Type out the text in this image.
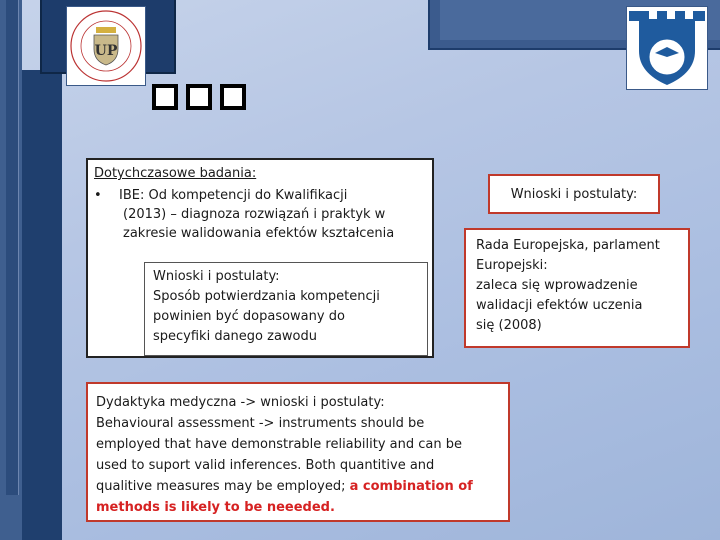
UP
2000
Dotychczasowe badania:
• IBE: Od kompetencji do Kwalifikacji
(2013) – diagnoza rozwiązań i praktyk w
zakresie walidowania efektów kształcenia
Wnioski i postulaty:
Sposób potwierdzania kompetencji
powinien być dopasowany do
specyfiki danego zawodu
Wnioski i postulaty:
Rada Europejska, parlament
Europejski:
zaleca się wprowadzenie
walidacji efektów uczenia
się (2008)
Dydaktyka medyczna -> wnioski i postulaty:
Behavioural assessment -> instruments should be
employed that have demonstrable reliability and can be
used to suport valid inferences. Both quantitive and
qualitive measures may be employed; a combination of
methods is likely to be neeeded.
